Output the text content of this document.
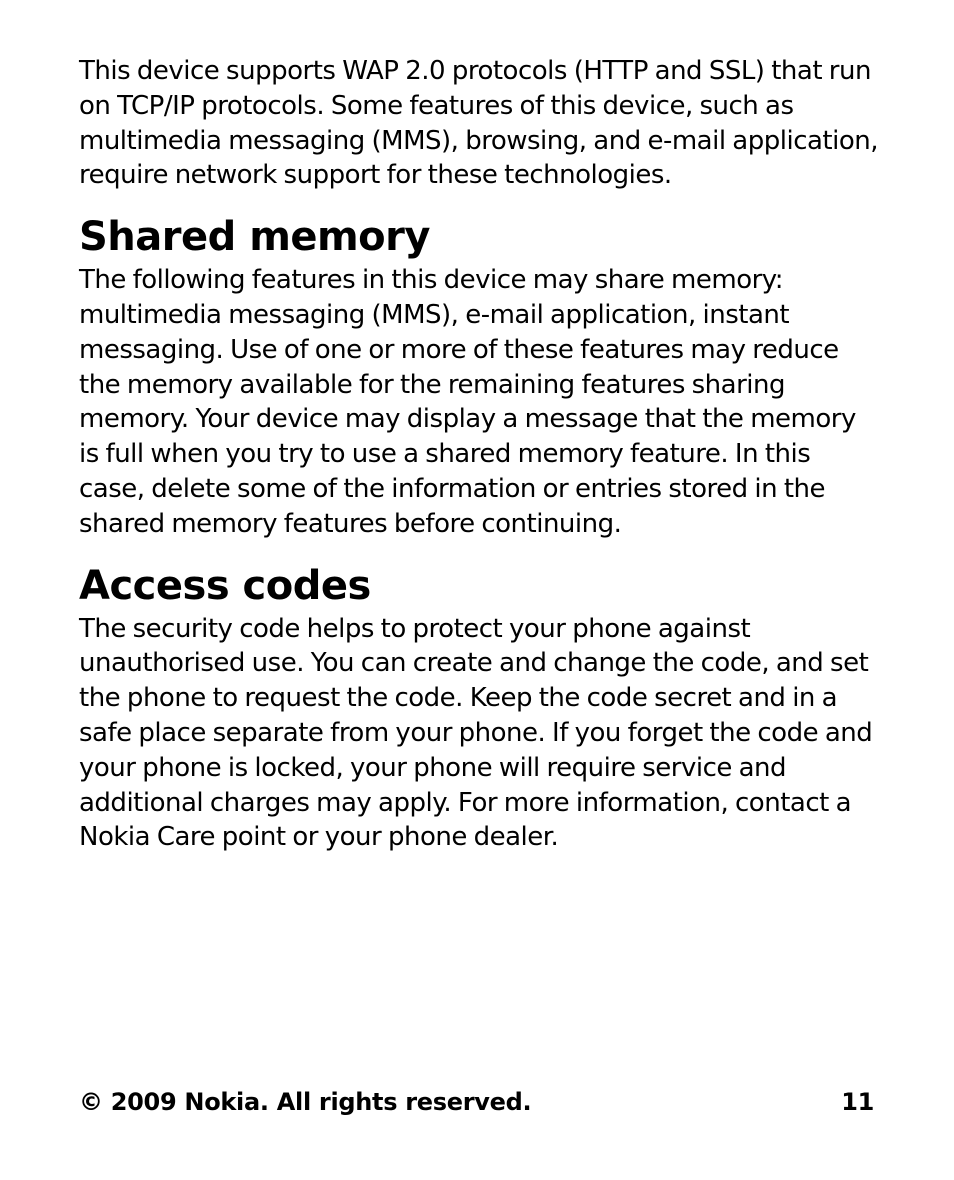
This device supports WAP 2.0 protocols (HTTP and SSL) that run on TCP/IP protocols. Some features of this device, such as multimedia messaging (MMS), browsing, and e-mail application, require network support for these technologies.

Shared memory

The following features in this device may share memory: multimedia messaging (MMS), e-mail application, instant messaging. Use of one or more of these features may reduce the memory available for the remaining features sharing memory. Your device may display a message that the memory is full when you try to use a shared memory feature. In this case, delete some of the information or entries stored in the shared memory features before continuing.

Access codes

The security code helps to protect your phone against unauthorised use. You can create and change the code, and set the phone to request the code. Keep the code secret and in a safe place separate from your phone. If you forget the code and your phone is locked, your phone will require service and additional charges may apply. For more information, contact a Nokia Care point or your phone dealer.

© 2009 Nokia. All rights reserved.	11
